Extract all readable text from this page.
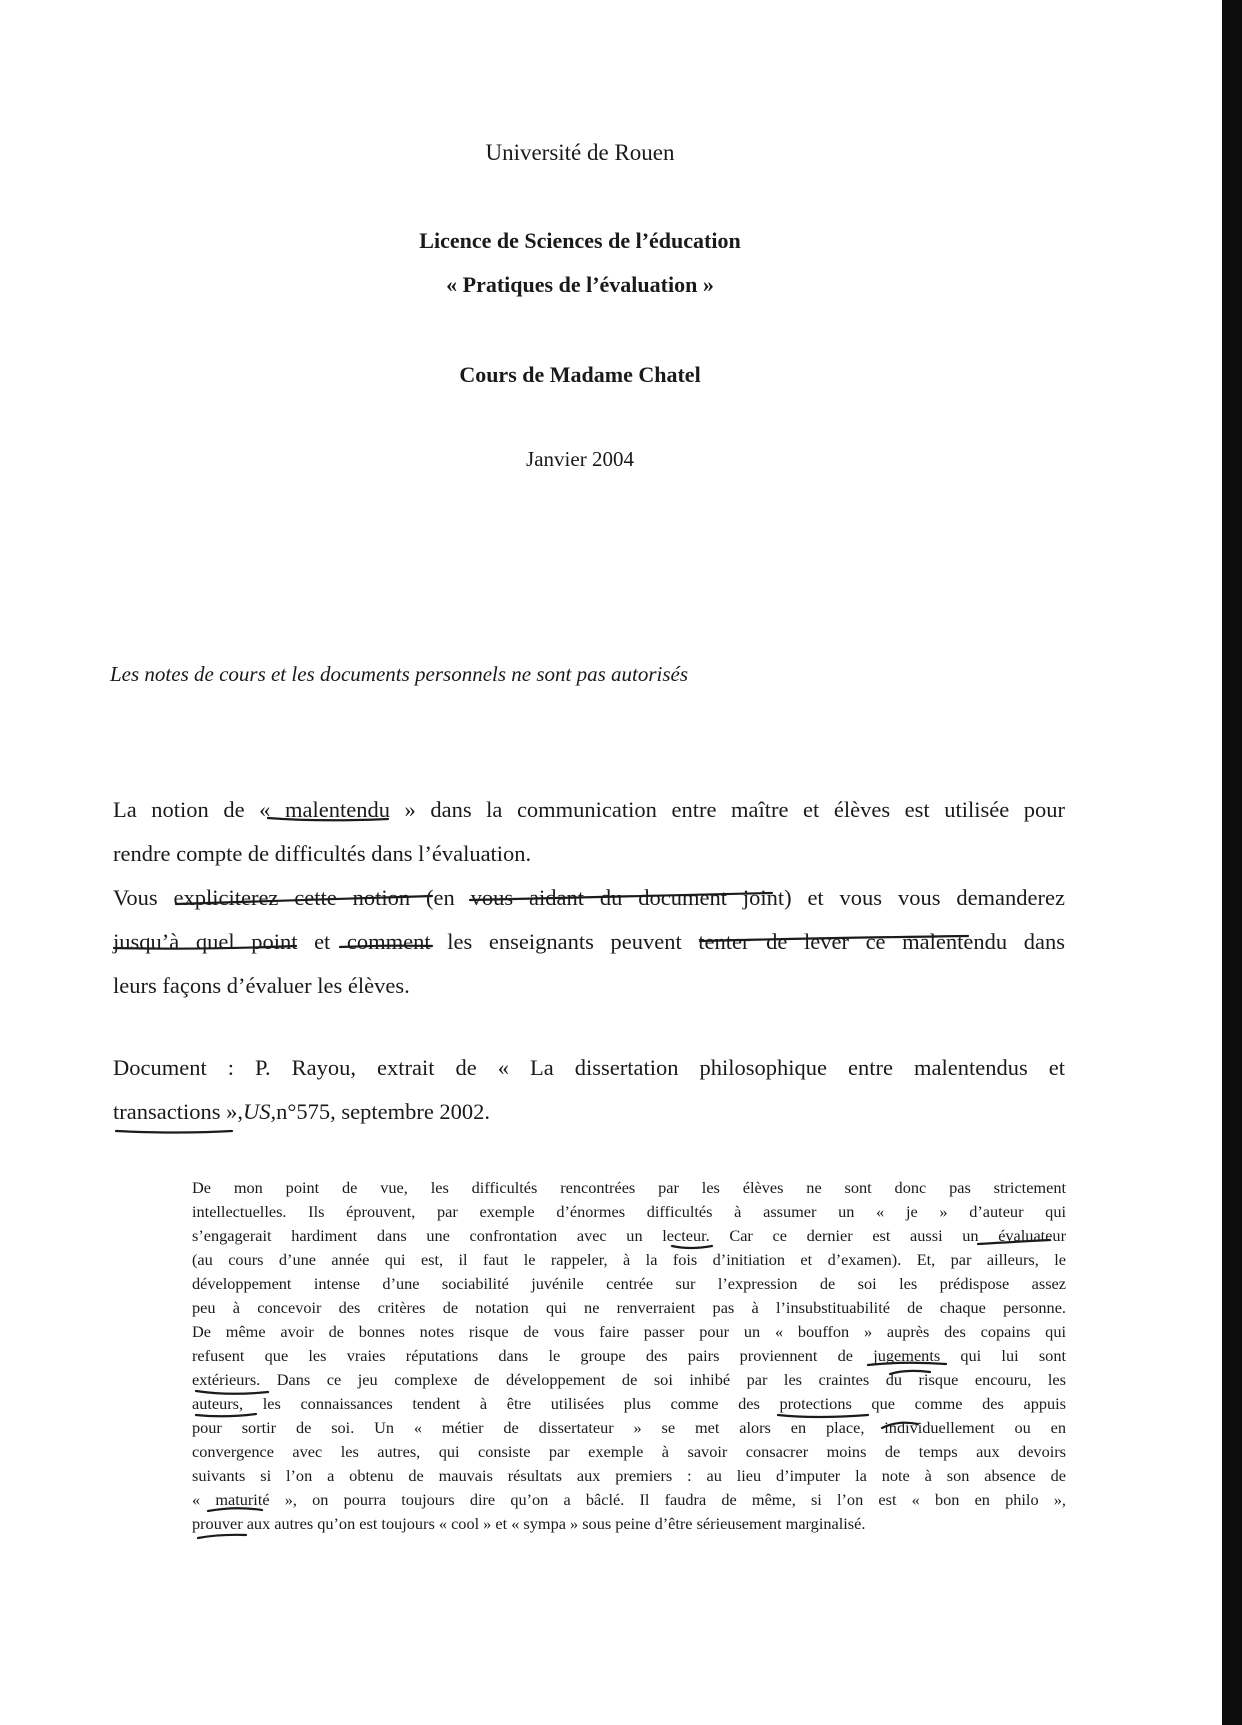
Université de Rouen
Licence de Sciences de l’éducation
« Pratiques de l’évaluation »
Cours de Madame Chatel
Janvier 2004
Les notes de cours et les documents personnels ne sont pas autorisés
La notion de « malentendu » dans la communication entre maître et élèves est utilisée pour
rendre compte de difficultés dans l’évaluation.
Vous expliciterez cette notion (en vous aidant du document joint) et vous vous demanderez
jusqu’à quel point et comment les enseignants peuvent tenter de lever ce malentendu dans
leurs façons d’évaluer les élèves.
Document : P. Rayou, extrait de « La dissertation philosophique entre malentendus et
transactions »,US,n°575, septembre 2002.
De mon point de vue, les difficultés rencontrées par les élèves ne sont donc pas strictement
intellectuelles. Ils éprouvent, par exemple d’énormes difficultés à assumer un « je » d’auteur qui
s’engagerait hardiment dans une confrontation avec un lecteur. Car ce dernier est aussi un évaluateur
(au cours d’une année qui est, il faut le rappeler, à la fois d’initiation et d’examen). Et, par ailleurs, le
développement intense d’une sociabilité juvénile centrée sur l’expression de soi les prédispose assez
peu à concevoir des critères de notation qui ne renverraient pas à l’insubstituabilité de chaque personne.
De même avoir de bonnes notes risque de vous faire passer pour un « bouffon » auprès des copains qui
refusent que les vraies réputations dans le groupe des pairs proviennent de jugements qui lui sont
extérieurs. Dans ce jeu complexe de développement de soi inhibé par les craintes du risque encouru, les
auteurs, les connaissances tendent à être utilisées plus comme des protections que comme des appuis
pour sortir de soi. Un « métier de dissertateur » se met alors en place, individuellement ou en
convergence avec les autres, qui consiste par exemple à savoir consacrer moins de temps aux devoirs
suivants si l’on a obtenu de mauvais résultats aux premiers : au lieu d’imputer la note à son absence de
« maturité », on pourra toujours dire qu’on a bâclé. Il faudra de même, si l’on est « bon en philo »,
prouver aux autres qu’on est toujours « cool » et « sympa » sous peine d’être sérieusement marginalisé.
